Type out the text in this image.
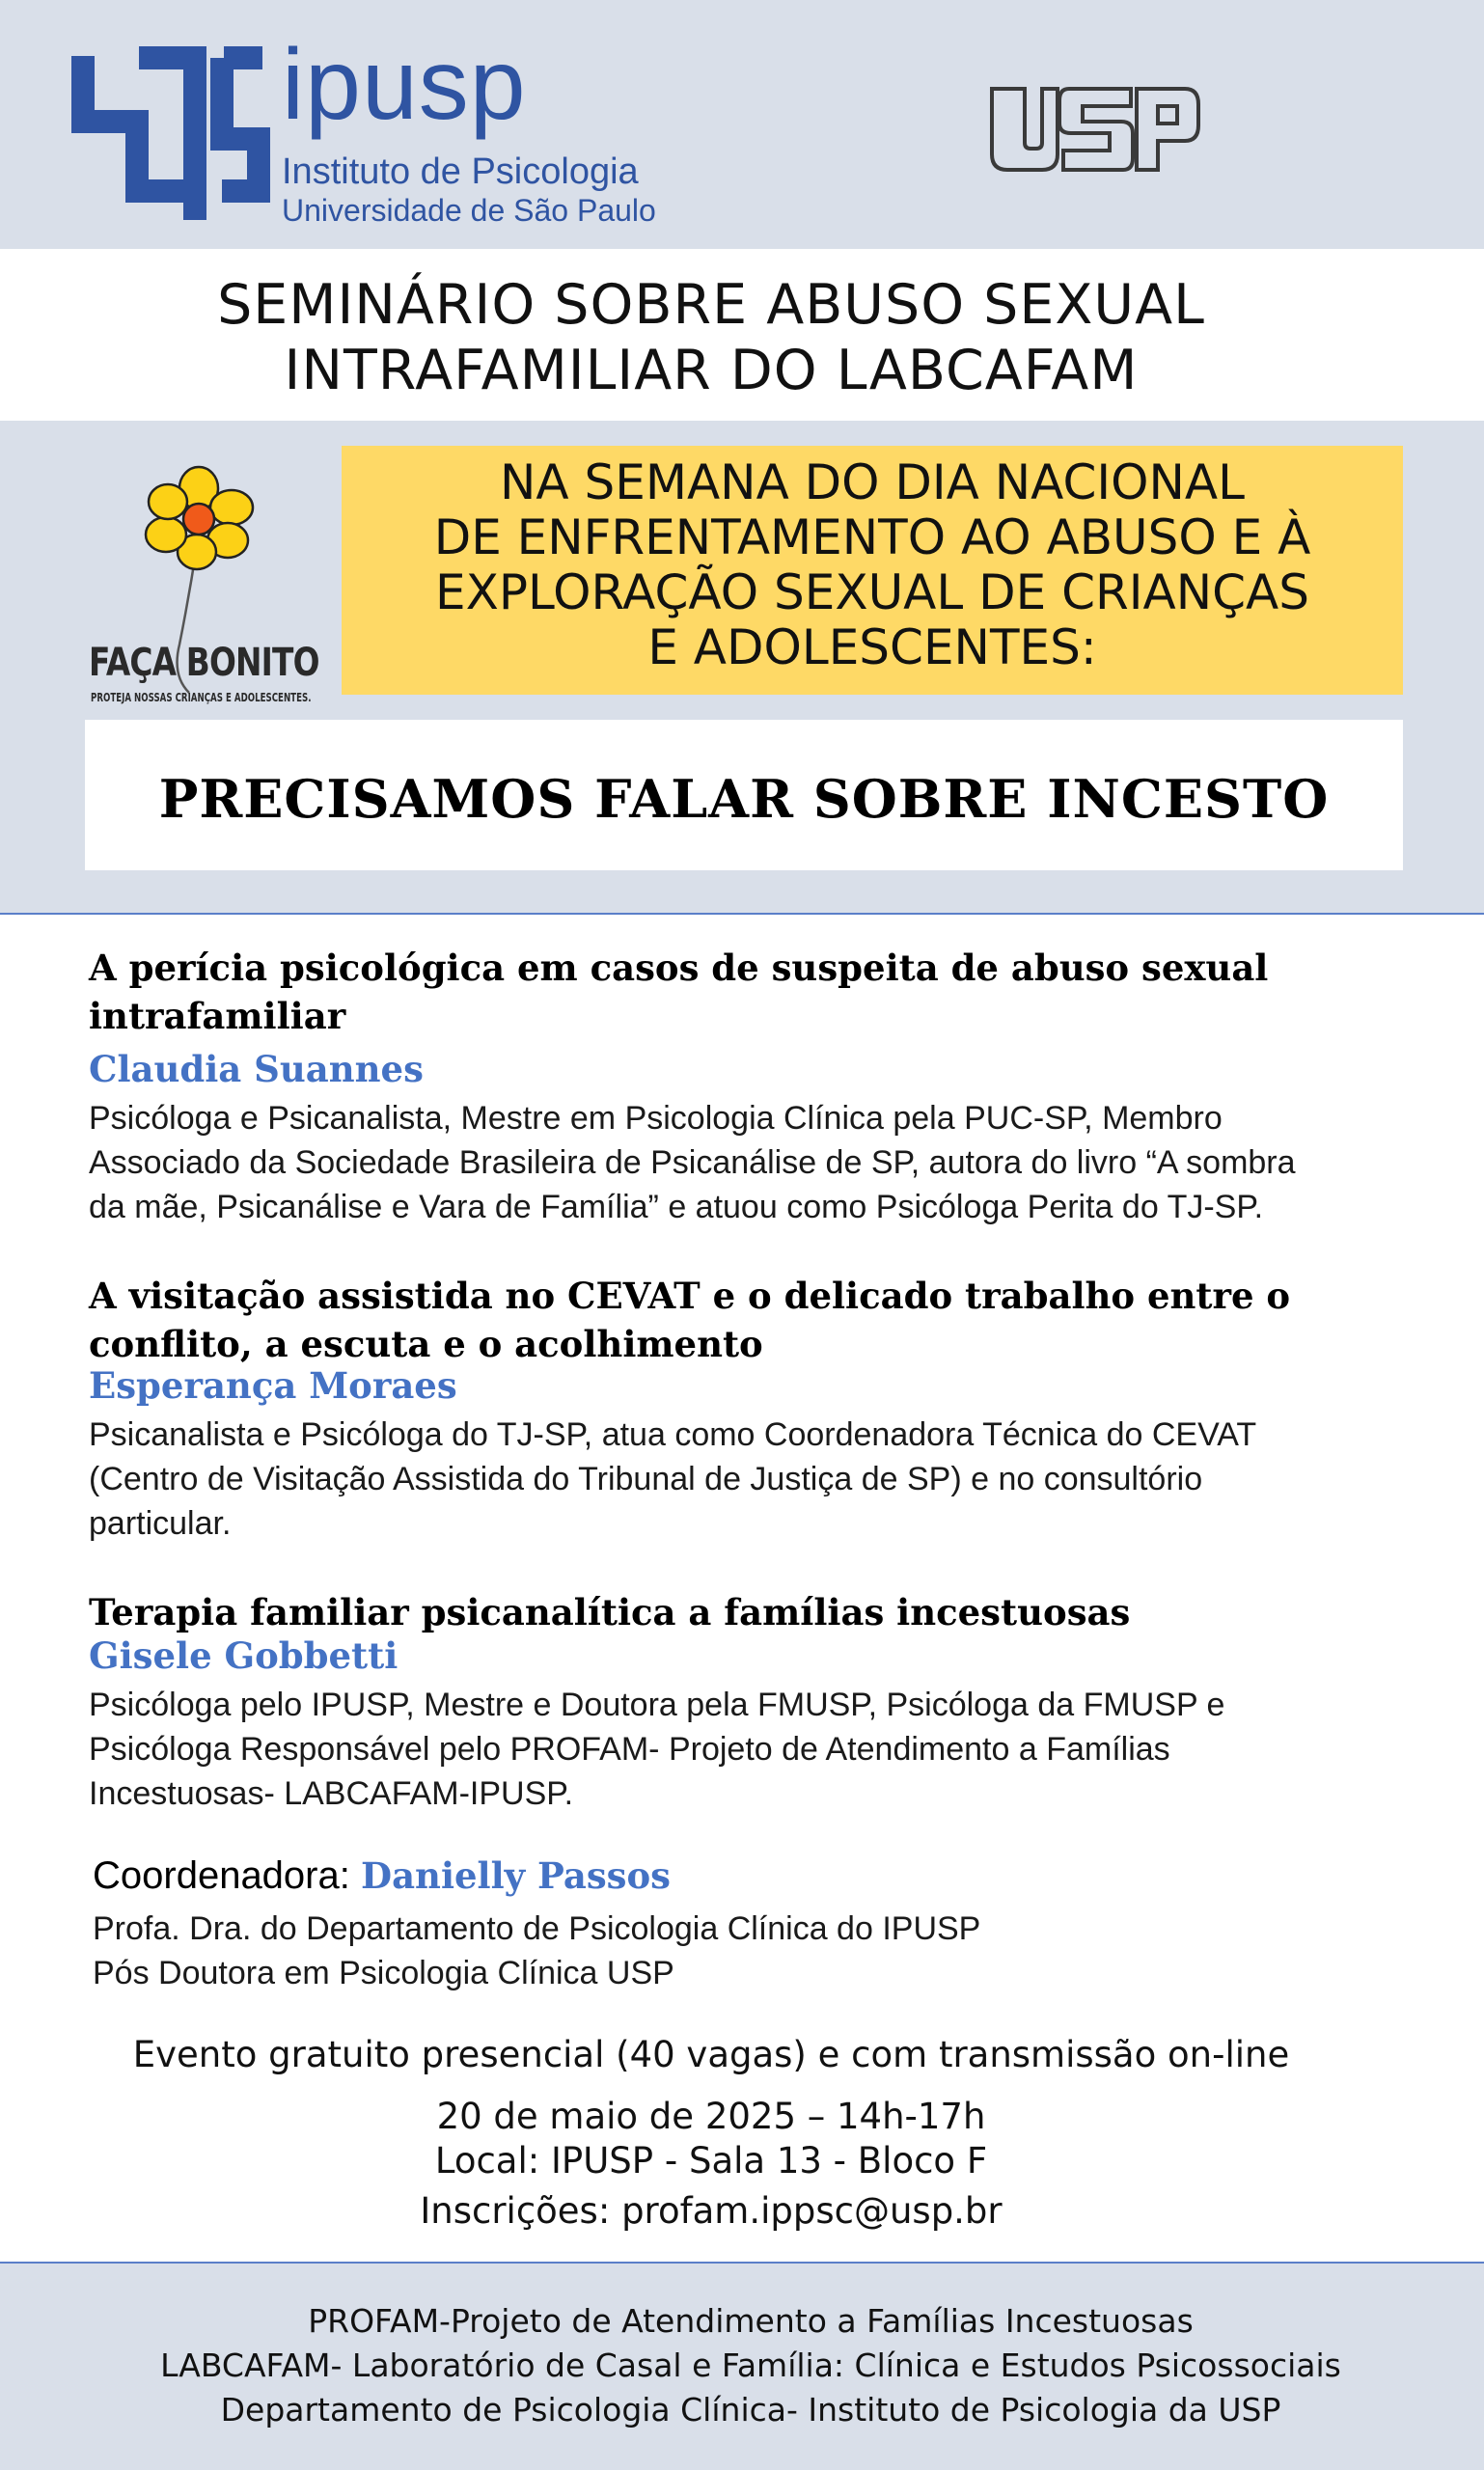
ipusp
Instituto de Psicologia
Universidade de São Paulo
SEMINÁRIO SOBRE ABUSO SEXUAL
INTRAFAMILIAR DO LABCAFAM
FAÇA BONITO
PROTEJA NOSSAS CRIANÇAS E ADOLESCENTES.
NA SEMANA DO DIA NACIONAL
DE ENFRENTAMENTO AO ABUSO E À
EXPLORAÇÃO SEXUAL DE CRIANÇAS
E ADOLESCENTES:
PRECISAMOS FALAR SOBRE INCESTO
A perícia psicológica em casos de suspeita de abuso sexual
intrafamiliar
Claudia Suannes
Psicóloga e Psicanalista, Mestre em Psicologia Clínica pela PUC-SP, Membro
Associado da Sociedade Brasileira de Psicanálise de SP, autora do livro “A sombra
da mãe, Psicanálise e Vara de Família” e atuou como Psicóloga Perita do TJ-SP.
A visitação assistida no CEVAT e o delicado trabalho entre o
conflito, a escuta e o acolhimento
Esperança Moraes
Psicanalista e Psicóloga do TJ-SP, atua como Coordenadora Técnica do CEVAT
(Centro de Visitação Assistida do Tribunal de Justiça de SP) e no consultório
particular.
Terapia familiar psicanalítica a famílias incestuosas
Gisele Gobbetti
Psicóloga pelo IPUSP, Mestre e Doutora pela FMUSP, Psicóloga da FMUSP e
Psicóloga Responsável pelo PROFAM- Projeto de Atendimento a Famílias
Incestuosas- LABCAFAM-IPUSP.
Coordenadora: Danielly Passos
Profa. Dra. do Departamento de Psicologia Clínica do IPUSP
Pós Doutora em Psicologia Clínica USP
Evento gratuito presencial (40 vagas) e com transmissão on-line
20 de maio de 2025 – 14h-17h
Local: IPUSP - Sala 13 - Bloco F
Inscrições: profam.ippsc@usp.br
PROFAM-Projeto de Atendimento a Famílias Incestuosas
LABCAFAM- Laboratório de Casal e Família: Clínica e Estudos Psicossociais
Departamento de Psicologia Clínica- Instituto de Psicologia da USP
